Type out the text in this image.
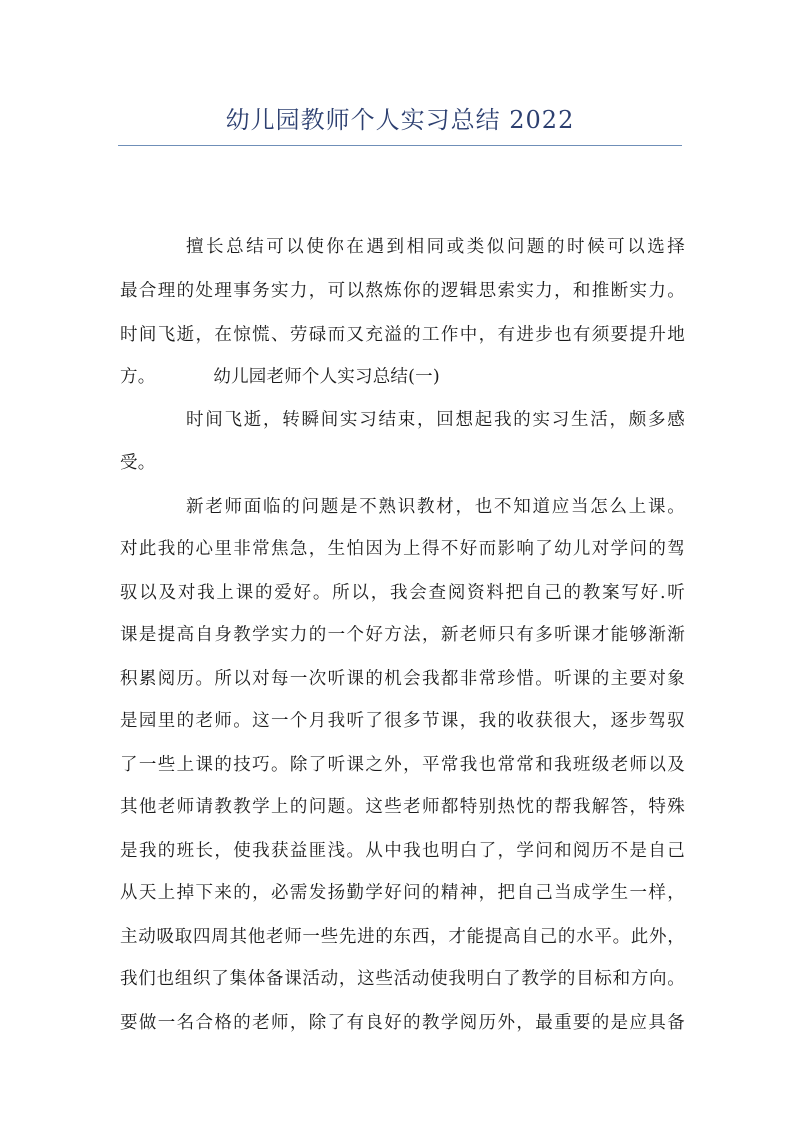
幼儿园教师个人实习总结 2022
擅长总结可以使你在遇到相同或类似问题的时候可以选择
最合理的处理事务实力，可以熬炼你的逻辑思索实力，和推断实力。
时间飞逝，在惊慌、劳碌而又充溢的工作中，有进步也有须要提升地
方。	幼儿园老师个人实习总结(一)
时间飞逝，转瞬间实习结束，回想起我的实习生活，颇多感
受。
新老师面临的问题是不熟识教材，也不知道应当怎么上课。
对此我的心里非常焦急，生怕因为上得不好而影响了幼儿对学问的驾
驭以及对我上课的爱好。所以，我会查阅资料把自己的教案写好.听
课是提高自身教学实力的一个好方法，新老师只有多听课才能够渐渐
积累阅历。所以对每一次听课的机会我都非常珍惜。听课的主要对象
是园里的老师。这一个月我听了很多节课，我的收获很大，逐步驾驭
了一些上课的技巧。除了听课之外，平常我也常常和我班级老师以及
其他老师请教教学上的问题。这些老师都特别热忱的帮我解答，特殊
是我的班长，使我获益匪浅。从中我也明白了，学问和阅历不是自己
从天上掉下来的，必需发扬勤学好问的精神，把自己当成学生一样，
主动吸取四周其他老师一些先进的东西，才能提高自己的水平。此外，
我们也组织了集体备课活动，这些活动使我明白了教学的目标和方向。
要做一名合格的老师，除了有良好的教学阅历外，最重要的是应具备
